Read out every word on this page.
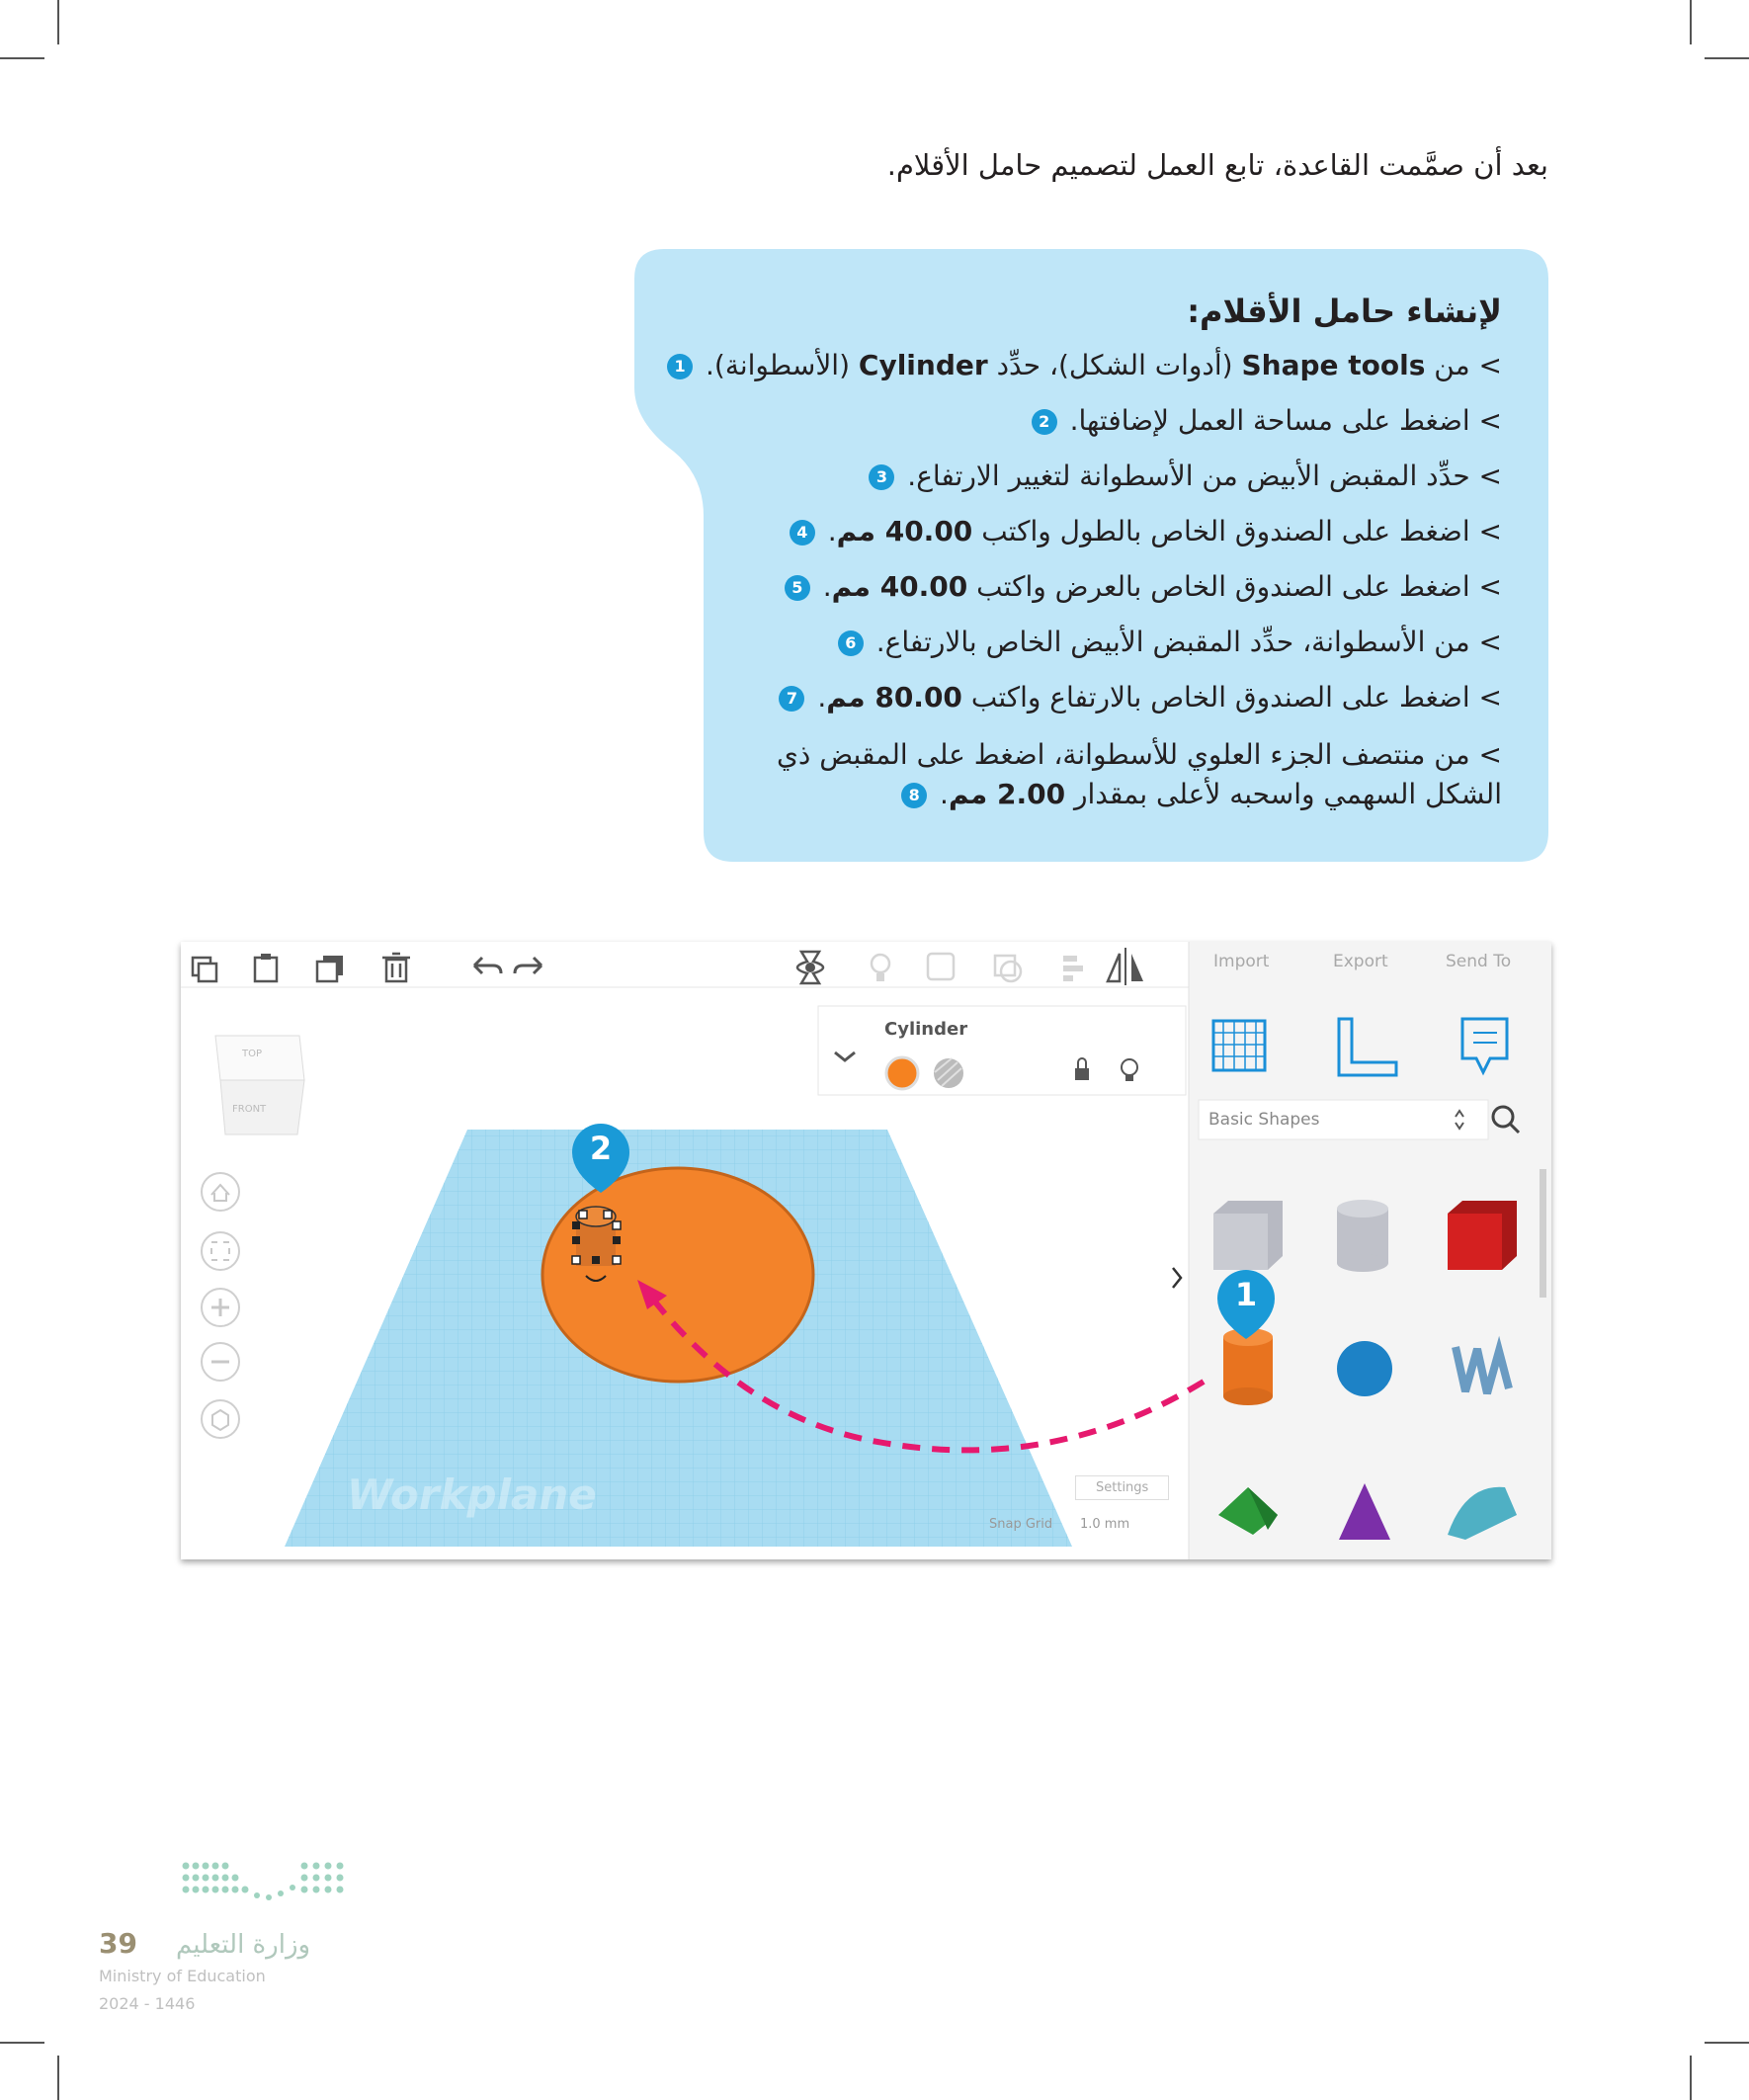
بعد أن صمَّمت القاعدة، تابع العمل لتصميم حامل الأقلام.
لإنشاء حامل الأقلام:
> من Shape tools (أدوات الشكل)، حدِّد Cylinder (الأسطوانة). 1
> اضغط على مساحة العمل لإضافتها. 2
> حدِّد المقبض الأبيض من الأسطوانة لتغيير الارتفاع. 3
> اضغط على الصندوق الخاص بالطول واكتب 40.00 مم. 4
> اضغط على الصندوق الخاص بالعرض واكتب 40.00 مم. 5
> من الأسطوانة، حدِّد المقبض الأبيض الخاص بالارتفاع. 6
> اضغط على الصندوق الخاص بالارتفاع واكتب 80.00 مم. 7
> من منتصف الجزء العلوي للأسطوانة، اضغط على المقبض ذي الشكل السهمي واسحبه لأعلى بمقدار 2.00 مم. 8
Import	Export	Send To
Cylinder
Basic Shapes
TOP
FRONT
Workplane	Settings
Snap Grid 1.0 mm
2
1
وزارة التعليم
39
Ministry of Education
2024 - 1446
